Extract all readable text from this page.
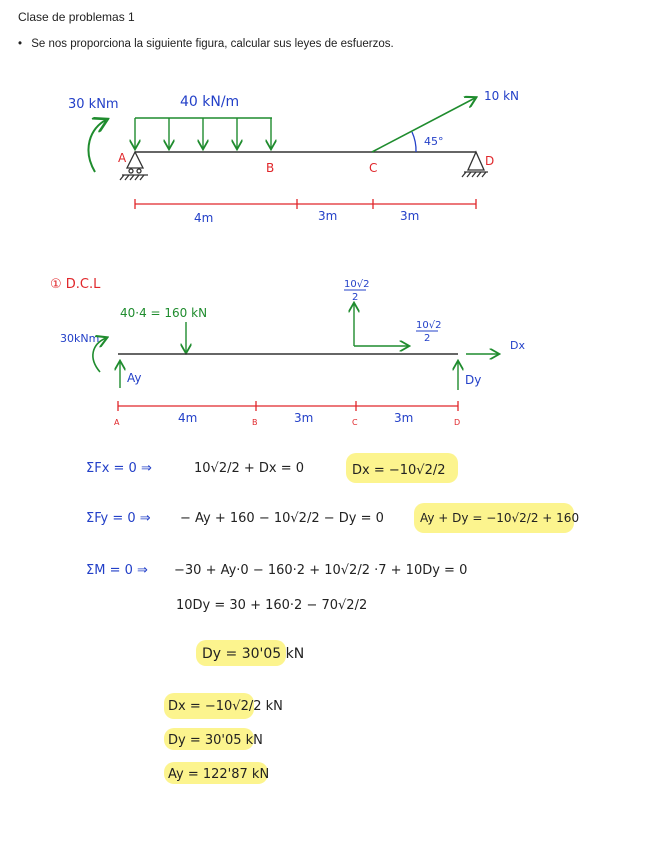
Clase de problemas 1
• Se nos proporciona la siguiente figura, calcular sus leyes de esfuerzos.
30 kNm	40 kN/m	10 kN
45°
A
B	C	D
4m	3m	3m
① D.C.L
40·4 = 160 kN
30kNm
10√2
2
10√2
2
Dx
Ay	Dy
4m	3m	3m
A	B	C	D
ΣFx = 0 ⇒	10√2/2 + Dx = 0	Dx = −10√2/2
ΣFy = 0 ⇒ − Ay + 160 − 10√2/2 − Dy = 0	Ay + Dy = −10√2/2 + 160
ΣM = 0 ⇒ −30 + Ay·0 − 160·2 + 10√2/2 ·7 + 10Dy = 0
10Dy = 30 + 160·2 − 70√2/2
Dy = 30'05 kN
Dx = −10√2/2 kN
Dy = 30'05 kN
Ay = 122'87 kN
